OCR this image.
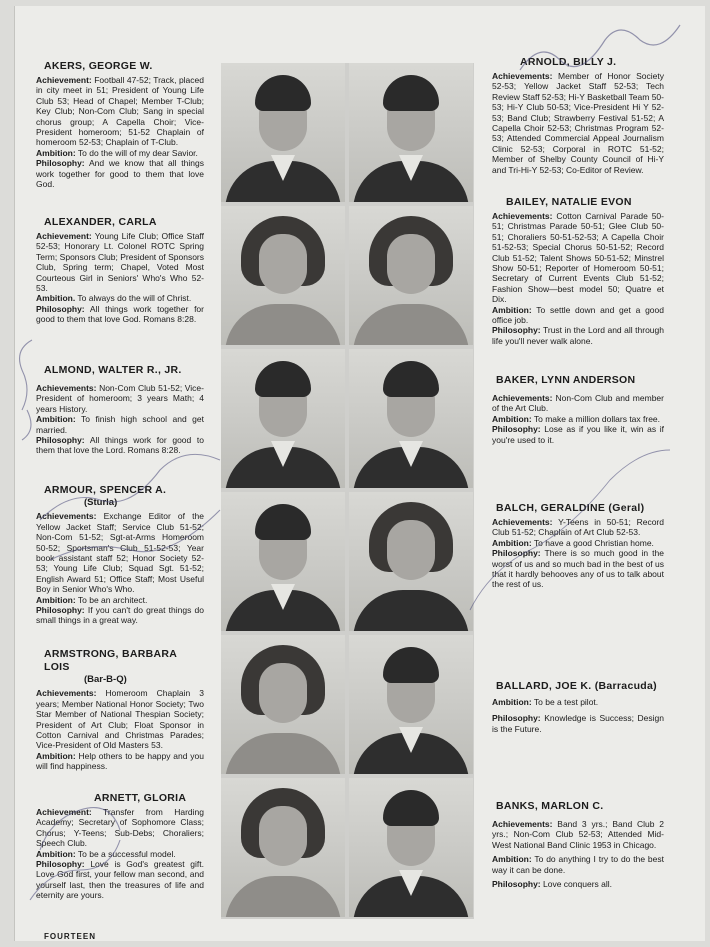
AKERS, GEORGE W.

Achievement: Football 47-52; Track, placed in city meet in 51; President of Young Life Club 53; Head of Chapel; Member T-Club; Key Club; Non-Com Club; Sang in special chorus group; A Capella Choir; Vice-President homeroom; 51-52 Chaplain of homeroom 52-53; Chaplain of T-Club.

Ambition: To do the will of my dear Savior.

Philosophy: And we know that all things work together for good to them that love God.

ALEXANDER, CARLA

Achievement: Young Life Club; Office Staff 52-53; Honorary Lt. Colonel ROTC Spring Term; Sponsors Club; President of Sponsors Club, Spring term; Chapel, Voted Most Courteous Girl in Seniors' Who's Who 52-53.

Ambition. To always do the will of Christ.

Philosophy: All things work together for good to them that love God. Romans 8:28.

ALMOND, WALTER R., JR.

Achievements: Non-Com Club 51-52; Vice-President of homeroom; 3 years Math; 4 years History.

Ambition: To finish high school and get married.

Philosophy: All things work for good to them that love the Lord. Romans 8:28.

ARMOUR, SPENCER A.
(Sturla)

Achievements: Exchange Editor of the Yellow Jacket Staff; Service Club 51-52; Non-Com 51-52; Sgt-at-Arms Homeroom 50-52; Sportsman's Club 51-52-53; Year book assistant staff 52; Honor Society 52-53; Young Life Club; Squad Sgt. 51-52; English Award 51; Office Staff; Most Useful Boy in Senior Who's Who.

Ambition: To be an architect.

Philosophy: If you can't do great things do small things in a great way.

ARMSTRONG, BARBARA LOIS
(Bar-B-Q)

Achievements: Homeroom Chaplain 3 years; Member National Honor Society; Two Star Member of National Thespian Society; President of Art Club; Float Sponsor in Cotton Carnival and Christmas Parades; Vice-President of Old Masters 53.

Ambition: Help others to be happy and you will find happiness.

ARNETT, GLORIA

Achievement: Transfer from Harding Academy; Secretary of Sophomore Class; Chorus; Y-Teens; Sub-Debs; Choraliers; Speech Club.

Ambition: To be a successful model.

Philosophy: Love is God's greatest gift. Love God first, your fellow man second, and yourself last, then the treasures of life and eternity are yours.

ARNOLD, BILLY J.

Achievements: Member of Honor Society 52-53; Yellow Jacket Staff 52-53; Tech Review Staff 52-53; Hi-Y Basketball Team 50-53; Hi-Y Club 50-53; Vice-President Hi Y 52-53; Band Club; Strawberry Festival 51-52; A Capella Choir 52-53; Christmas Program 52-53; Attended Commercial Appeal Journalism Clinic 52-53; Corporal in ROTC 51-52; Member of Shelby County Council of Hi-Y and Tri-Hi-Y 52-53; Co-Editor of Review.

BAILEY, NATALIE EVON

Achievements: Cotton Carnival Parade 50-51; Christmas Parade 50-51; Glee Club 50-51; Choraliers 50-51-52-53; A Capella Choir 51-52-53; Special Chorus 50-51-52; Record Club 51-52; Talent Shows 50-51-52; Minstrel Show 50-51; Reporter of Homeroom 50-51; Secretary of Current Events Club 51-52; Fashion Show—best model 50; Quatre et Dix.

Ambition: To settle down and get a good office job.

Philosophy: Trust in the Lord and all through life you'll never walk alone.

BAKER, LYNN ANDERSON

Achievements: Non-Com Club and member of the Art Club.

Ambition: To make a million dollars tax free.

Philosophy: Lose as if you like it, win as if you're used to it.

BALCH, GERALDINE (Geral)

Achievements: Y-Teens in 50-51; Record Club 51-52; Chaplain of Art Club 52-53.

Ambition: To have a good Christian home.

Philosophy: There is so much good in the worst of us and so much bad in the best of us that it hardly behooves any of us to talk about the rest of us.

BALLARD, JOE K. (Barracuda)

Ambition: To be a test pilot.

Philosophy: Knowledge is Success; Design is the Future.

BANKS, MARLON C.

Achievements: Band 3 yrs.; Band Club 2 yrs.; Non-Com Club 52-53; Attended Mid-West National Band Clinic 1953 in Chicago.

Ambition: To do anything I try to do the best way it can be done.

Philosophy: Love conquers all.

FOURTEEN
